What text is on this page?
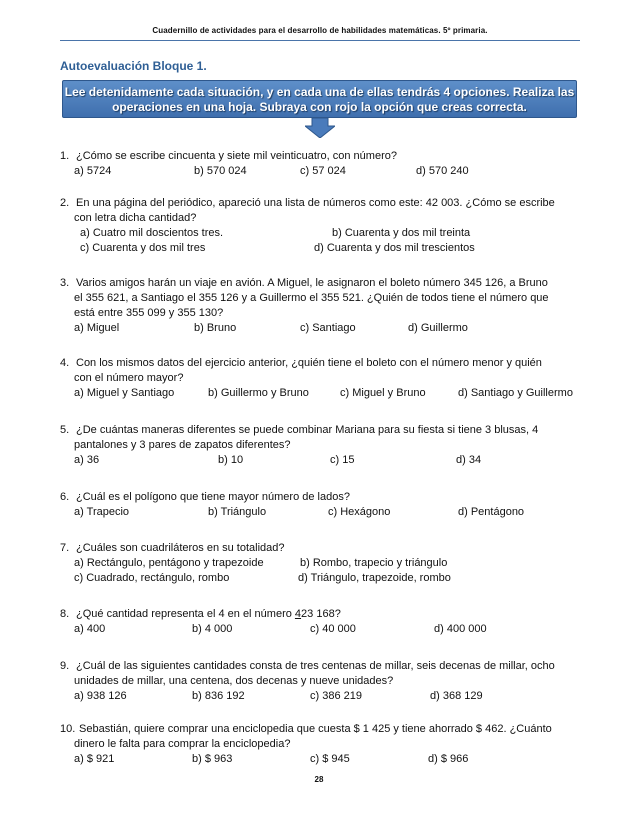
Cuadernillo de actividades para el desarrollo de habilidades matemáticas. 5º primaria.
Autoevaluación Bloque 1.
Lee detenidamente cada situación, y en cada una de ellas tendrás 4 opciones. Realiza las
operaciones en una hoja. Subraya con rojo la opción que creas correcta.
1. ¿Cómo se escribe cincuenta y siete mil veinticuatro, con número?
a) 5724	b) 570 024	c) 57 024	d) 570 240
2. En una página del periódico, apareció una lista de números como este: 42 003. ¿Cómo se escribe
con letra dicha cantidad?
a) Cuatro mil doscientos tres.	b) Cuarenta y dos mil treinta
c) Cuarenta y dos mil tres	d) Cuarenta y dos mil trescientos
3. Varios amigos harán un viaje en avión. A Miguel, le asignaron el boleto número 345 126, a Bruno
el 355 621, a Santiago el 355 126 y a Guillermo el 355 521. ¿Quién de todos tiene el número que
está entre 355 099 y 355 130?
a) Miguel	b) Bruno	c) Santiago	d) Guillermo
4. Con los mismos datos del ejercicio anterior, ¿quién tiene el boleto con el número menor y quién
con el número mayor?
a) Miguel y Santiago	b) Guillermo y Bruno	c) Miguel y Bruno	d) Santiago y Guillermo
5. ¿De cuántas maneras diferentes se puede combinar Mariana para su fiesta si tiene 3 blusas, 4
pantalones y 3 pares de zapatos diferentes?
a) 36	b) 10	c) 15	d) 34
6. ¿Cuál es el polígono que tiene mayor número de lados?
a) Trapecio	b) Triángulo	c) Hexágono	d) Pentágono
7. ¿Cuáles son cuadriláteros en su totalidad?
a) Rectángulo, pentágono y trapezoide	b) Rombo, trapecio y triángulo
c) Cuadrado, rectángulo, rombo	d) Triángulo, trapezoide, rombo
8. ¿Qué cantidad representa el 4 en el número 423 168?
a) 400	b) 4 000	c) 40 000	d) 400 000
9. ¿Cuál de las siguientes cantidades consta de tres centenas de millar, seis decenas de millar, ocho
unidades de millar, una centena, dos decenas y nueve unidades?
a) 938 126	b) 836 192	c) 386 219	d) 368 129
10. Sebastián, quiere comprar una enciclopedia que cuesta $ 1 425 y tiene ahorrado $ 462. ¿Cuánto
dinero le falta para comprar la enciclopedia?
a) $ 921	b) $ 963	c) $ 945	d) $ 966
28
